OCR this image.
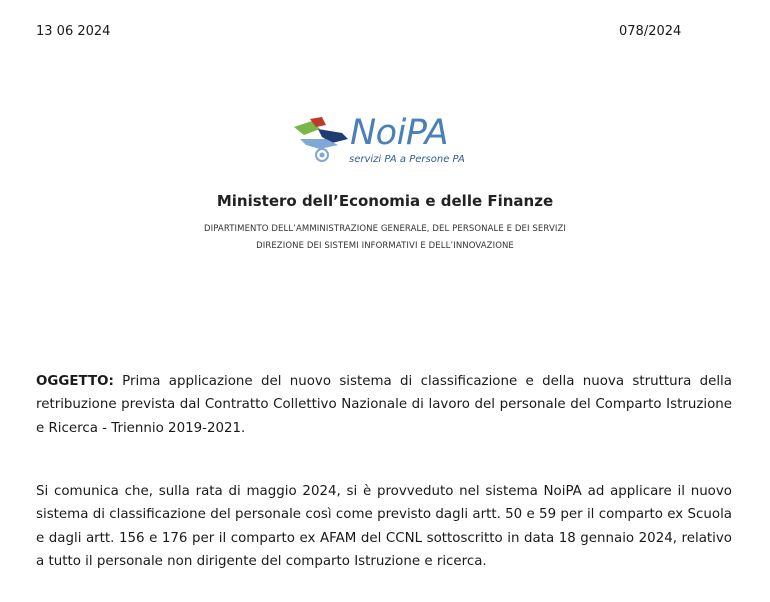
13 06 2024	078/2024
NoiPA
servizi PA a Persone PA
Ministero dell’Economia e delle Finanze
DIPARTIMENTO DELL’AMMINISTRAZIONE GENERALE, DEL PERSONALE E DEI SERVIZI
DIREZIONE DEI SISTEMI INFORMATIVI E DELL’INNOVAZIONE
OGGETTO: Prima applicazione del nuovo sistema di classificazione e della nuova struttura della retribuzione prevista dal Contratto Collettivo Nazionale di lavoro del personale del Comparto Istruzione e Ricerca - Triennio 2019-2021.
Si comunica che, sulla rata di maggio 2024, si è provveduto nel sistema NoiPA ad applicare il nuovo sistema di classificazione del personale così come previsto dagli artt. 50 e 59 per il comparto ex Scuola e dagli artt. 156 e 176 per il comparto ex AFAM del CCNL sottoscritto in data 18 gennaio 2024, relativo a tutto il personale non dirigente del comparto Istruzione e ricerca.
